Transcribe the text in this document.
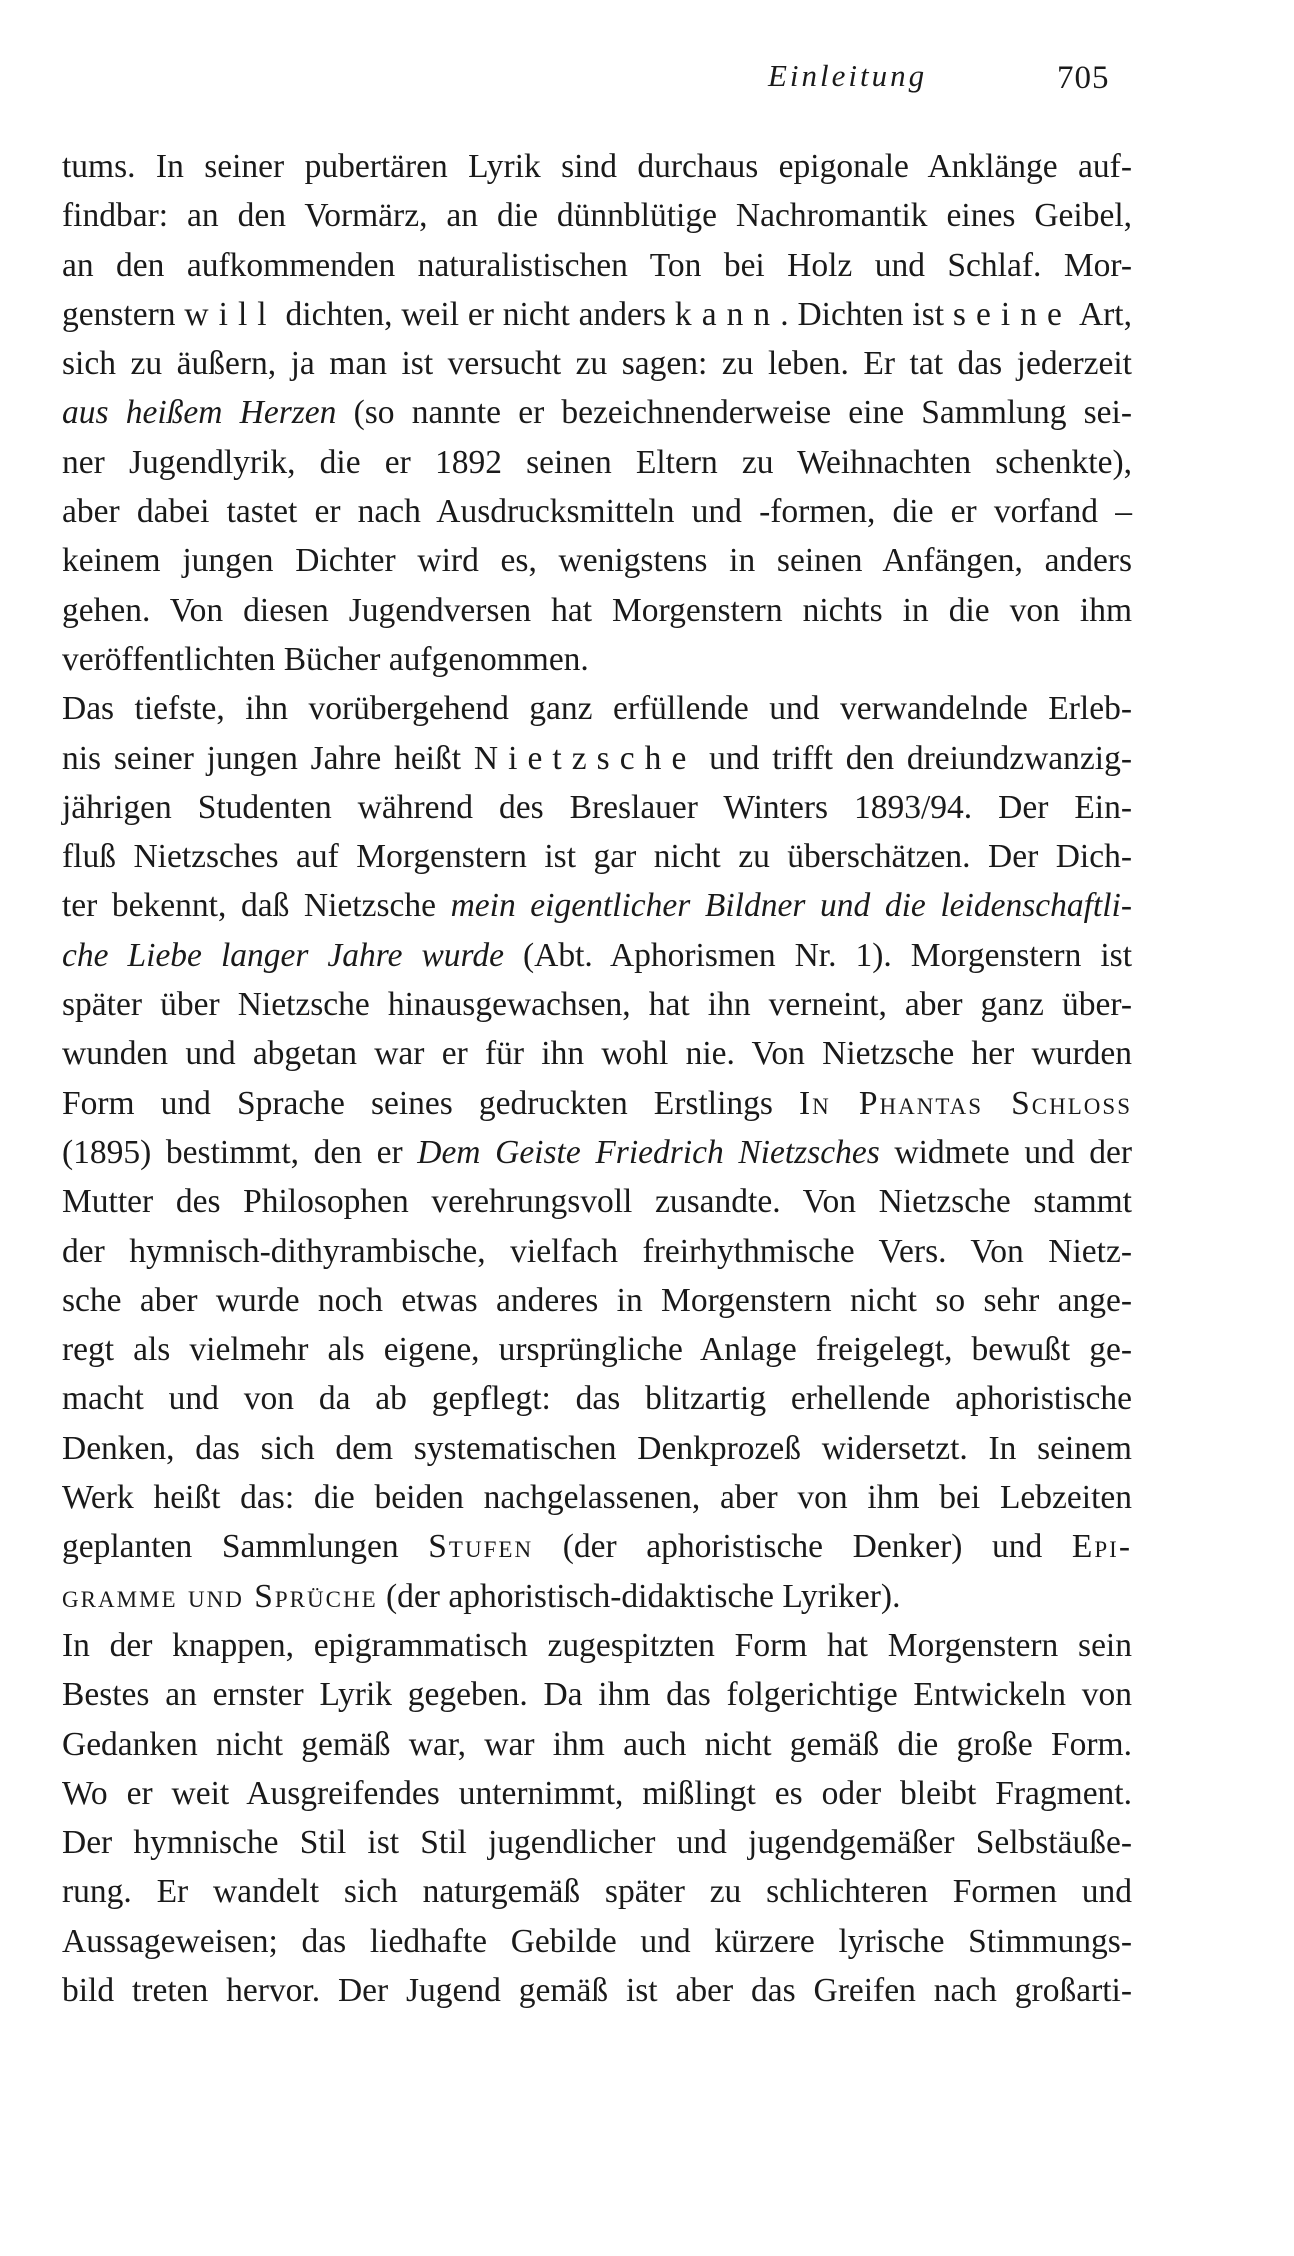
Einleitung	705
tums. In seiner pubertären Lyrik sind durchaus epigonale Anklänge auf-
findbar: an den Vormärz, an die dünnblütige Nachromantik eines Geibel,
an den aufkommenden naturalistischen Ton bei Holz und Schlaf. Mor-
genstern will dichten, weil er nicht anders kann. Dichten ist seine Art,
sich zu äußern, ja man ist versucht zu sagen: zu leben. Er tat das jederzeit
aus heißem Herzen (so nannte er bezeichnenderweise eine Sammlung sei-
ner Jugendlyrik, die er 1892 seinen Eltern zu Weihnachten schenkte),
aber dabei tastet er nach Ausdrucksmitteln und -formen, die er vorfand –
keinem jungen Dichter wird es, wenigstens in seinen Anfängen, anders
gehen. Von diesen Jugendversen hat Morgenstern nichts in die von ihm
veröffentlichten Bücher aufgenommen.
Das tiefste, ihn vorübergehend ganz erfüllende und verwandelnde Erleb-
nis seiner jungen Jahre heißt Nietzsche und trifft den dreiundzwanzig-
jährigen Studenten während des Breslauer Winters 1893/94. Der Ein-
fluß Nietzsches auf Morgenstern ist gar nicht zu überschätzen. Der Dich-
ter bekennt, daß Nietzsche mein eigentlicher Bildner und die leidenschaftli-
che Liebe langer Jahre wurde (Abt. Aphorismen Nr. 1). Morgenstern ist
später über Nietzsche hinausgewachsen, hat ihn verneint, aber ganz über-
wunden und abgetan war er für ihn wohl nie. Von Nietzsche her wurden
Form und Sprache seines gedruckten Erstlings In Phantas Schloss
(1895) bestimmt, den er Dem Geiste Friedrich Nietzsches widmete und der
Mutter des Philosophen verehrungsvoll zusandte. Von Nietzsche stammt
der hymnisch-dithyrambische, vielfach freirhythmische Vers. Von Nietz-
sche aber wurde noch etwas anderes in Morgenstern nicht so sehr ange-
regt als vielmehr als eigene, ursprüngliche Anlage freigelegt, bewußt ge-
macht und von da ab gepflegt: das blitzartig erhellende aphoristische
Denken, das sich dem systematischen Denkprozeß widersetzt. In seinem
Werk heißt das: die beiden nachgelassenen, aber von ihm bei Lebzeiten
geplanten Sammlungen Stufen (der aphoristische Denker) und Epi-
gramme und Sprüche (der aphoristisch-didaktische Lyriker).
In der knappen, epigrammatisch zugespitzten Form hat Morgenstern sein
Bestes an ernster Lyrik gegeben. Da ihm das folgerichtige Entwickeln von
Gedanken nicht gemäß war, war ihm auch nicht gemäß die große Form.
Wo er weit Ausgreifendes unternimmt, mißlingt es oder bleibt Fragment.
Der hymnische Stil ist Stil jugendlicher und jugendgemäßer Selbstäuße-
rung. Er wandelt sich naturgemäß später zu schlichteren Formen und
Aussageweisen; das liedhafte Gebilde und kürzere lyrische Stimmungs-
bild treten hervor. Der Jugend gemäß ist aber das Greifen nach großarti-
